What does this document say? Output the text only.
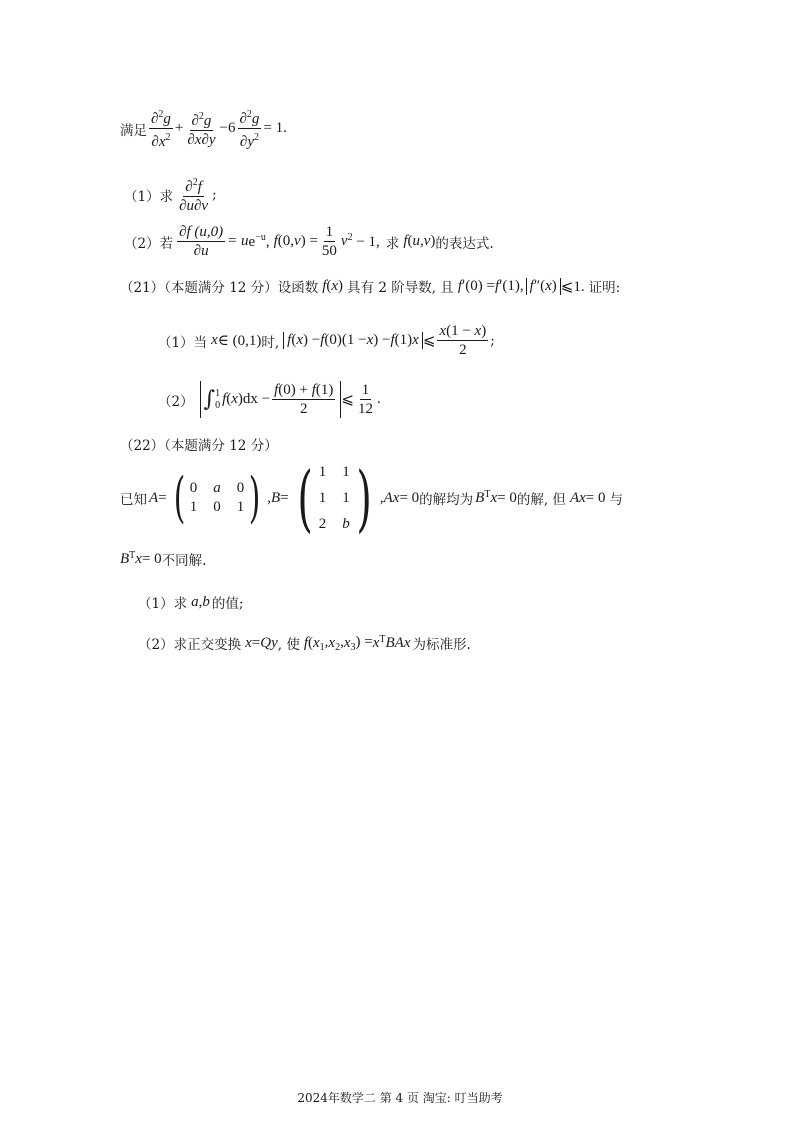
满足 $\frac{\partial^2g}{\partial x^2} + \frac{\partial^2g}{\partial x\partial y} -6 \frac{\partial^2g}{\partial y^2} = 1$.
（1）求 $\frac{\partial^2f}{\partial u\partial v}$ ;
（2）若 $\frac{\partial f (u,0)}{\partial u} = u$ $e^{-u}$, f (0, v ) = $\frac{1}{50}$ v $^2$ − 1, 求 f ( u , v ) 的表达式.
（21）（本题满分 12 分）设函数 f ( x ) 具有 2 阶导数, 且 f ′(0) = f ′(1), f ″( x ) ⩽1. 证明:
（1）当 x ∈ (0,1) 时, f ( x ) − f (0)(1 − x ) − f (1) x ⩽ $\frac{x(1 - x)}{2}$ ;
（2） ∫ 1
0 f ( x )$dx - \frac{f(0) + f(1)}{2}$ ⩽ $\frac{1}{12}$ .
（22）（本题满分 12 分）
已知 A = ( 0 a 0
1 0 1 ) , B = ( 1 1
1 1
2 b ) , Ax = 0 的解均为 B $^T$ x = 0 的解, 但 Ax = 0 与
B $^T$ x = 0 不同解.
（1）求 a , b 的值;
（2）求正交变换 x = Qy , 使 f ( x $_1$, x $_2$, x $_3$) = x $^T$ BAx 为标准形.
2024年数学二 第 4 页 淘宝: 叮当助考
